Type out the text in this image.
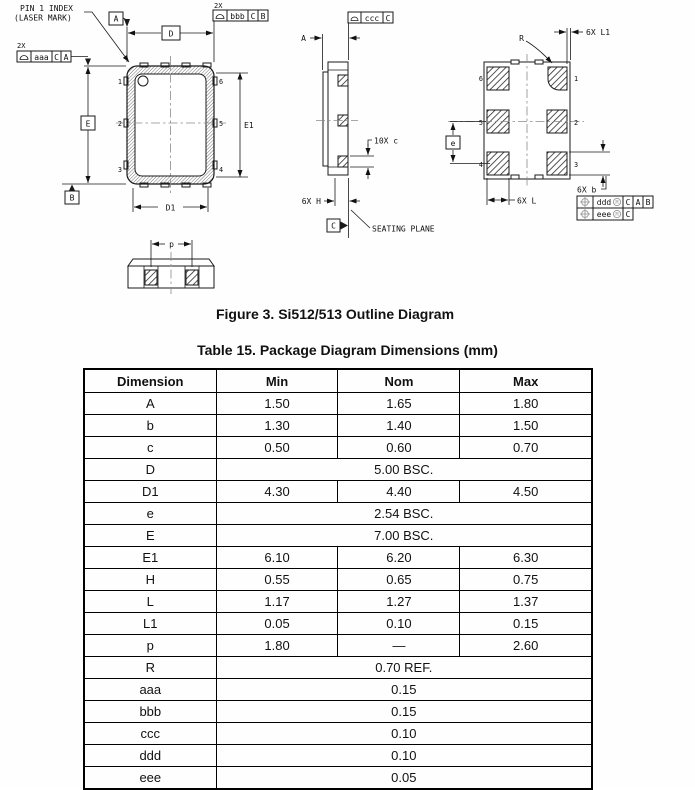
1	6
2	5
3	4
PIN 1 INDEX
(LASER MARK)
D
A
2X
bbb C B
2X
aaa C A
E
B
E1
D1
p
A
ccc C
10X c
6X H
C	SEATING PLANE
6	1
5	2
4	3
R
6X L1
e
6X L
6X b
ddd M C A B
eee M C
Figure 3. Si512/513 Outline Diagram
Table 15. Package Diagram Dimensions (mm)
Dimension	Min	Nom	Max
A	1.50	1.65	1.80
b	1.30	1.40	1.50
c	0.50	0.60	0.70
D	5.00 BSC.		
D1	4.30	4.40	4.50
e	2.54 BSC.		
E	7.00 BSC.		
E1	6.10	6.20	6.30
H	0.55	0.65	0.75
L	1.17	1.27	1.37
L1	0.05	0.10	0.15
p	1.80	—	2.60
R	0.70 REF.		
aaa	0.15		
bbb	0.15		
ccc	0.10		
ddd	0.10		
eee	0.05		
